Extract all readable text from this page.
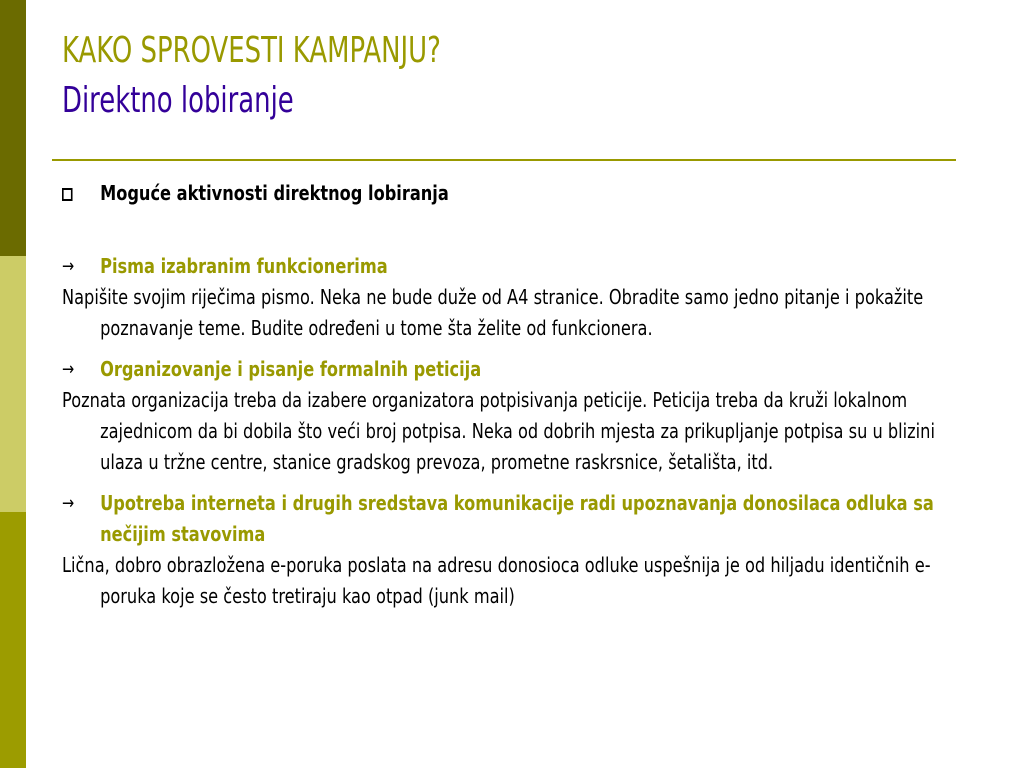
KAKO SPROVESTI KAMPANJU?
Direktno lobiranje

Moguće aktivnosti direktnog lobiranja

→ Pisma izabranim funkcionerima

Napišite svojim riječima pismo. Neka ne bude duže od A4 stranice. Obradite samo jedno pitanje i pokažite poznavanje teme. Budite određeni u tome šta želite od funkcionera.

→ Organizovanje i pisanje formalnih peticija

Poznata organizacija treba da izabere organizatora potpisivanja peticije. Peticija treba da kruži lokalnom zajednicom da bi dobila što veći broj potpisa. Neka od dobrih mjesta za prikupljanje potpisa su u blizini ulaza u tržne centre, stanice gradskog prevoza, prometne raskrsnice, šetališta, itd.

→ Upotreba interneta i drugih sredstava komunikacije radi upoznavanja donosilaca odluka sa nečijim stavovima

Lična, dobro obrazložena e-poruka poslata na adresu donosioca odluke uspešnija je od hiljadu identičnih e-poruka koje se često tretiraju kao otpad (junk mail)
